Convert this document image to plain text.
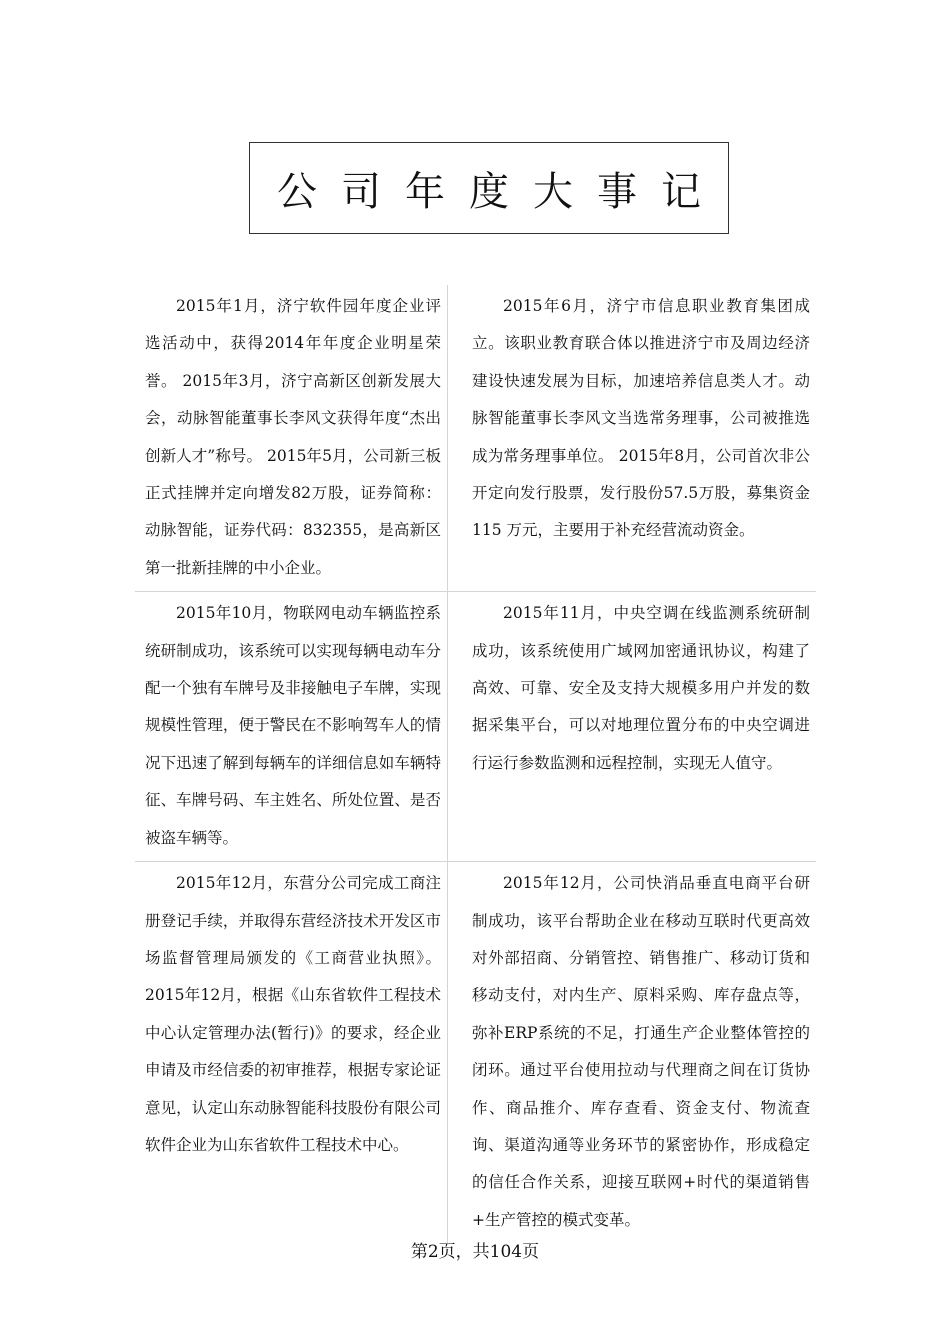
公司年度大事记
2015年1月，济宁软件园年度企业评选活动中，获得2014年年度企业明星荣誉。 2015年3月，济宁高新区创新发展大会，动脉智能董事长李风文获得年度“杰出创新人才”称号。 2015年5月，公司新三板正式挂牌并定向增发82万股，证券简称：动脉智能，证券代码：832355，是高新区第一批新挂牌的中小企业。
2015年6月，济宁市信息职业教育集团成立。该职业教育联合体以推进济宁市及周边经济建设快速发展为目标，加速培养信息类人才。动脉智能董事长李风文当选常务理事，公司被推选成为常务理事单位。 2015年8月，公司首次非公开定向发行股票，发行股份57.5万股，募集资金115 万元，主要用于补充经营流动资金。
2015年10月，物联网电动车辆监控系统研制成功，该系统可以实现每辆电动车分配一个独有车牌号及非接触电子车牌，实现规模性管理，便于警民在不影响驾车人的情况下迅速了解到每辆车的详细信息如车辆特征、车牌号码、车主姓名、所处位置、是否被盗车辆等。
2015年11月，中央空调在线监测系统研制成功，该系统使用广域网加密通讯协议，构建了高效、可靠、安全及支持大规模多用户并发的数据采集平台，可以对地理位置分布的中央空调进行运行参数监测和远程控制，实现无人值守。
2015年12月，东营分公司完成工商注册登记手续，并取得东营经济技术开发区市场监督管理局颁发的《工商营业执照》。 2015年12月，根据《山东省软件工程技术中心认定管理办法(暂行)》的要求，经企业申请及市经信委的初审推荐，根据专家论证意见，认定山东动脉智能科技股份有限公司软件企业为山东省软件工程技术中心。
2015年12月，公司快消品垂直电商平台研制成功，该平台帮助企业在移动互联时代更高效对外部招商、分销管控、销售推广、移动订货和移动支付，对内生产、原料采购、库存盘点等，弥补ERP系统的不足，打通生产企业整体管控的闭环。通过平台使用拉动与代理商之间在订货协作、商品推介、库存查看、资金支付、物流查询、渠道沟通等业务环节的紧密协作，形成稳定的信任合作关系，迎接互联网+时代的渠道销售+生产管控的模式变革。
第2页，共104页
